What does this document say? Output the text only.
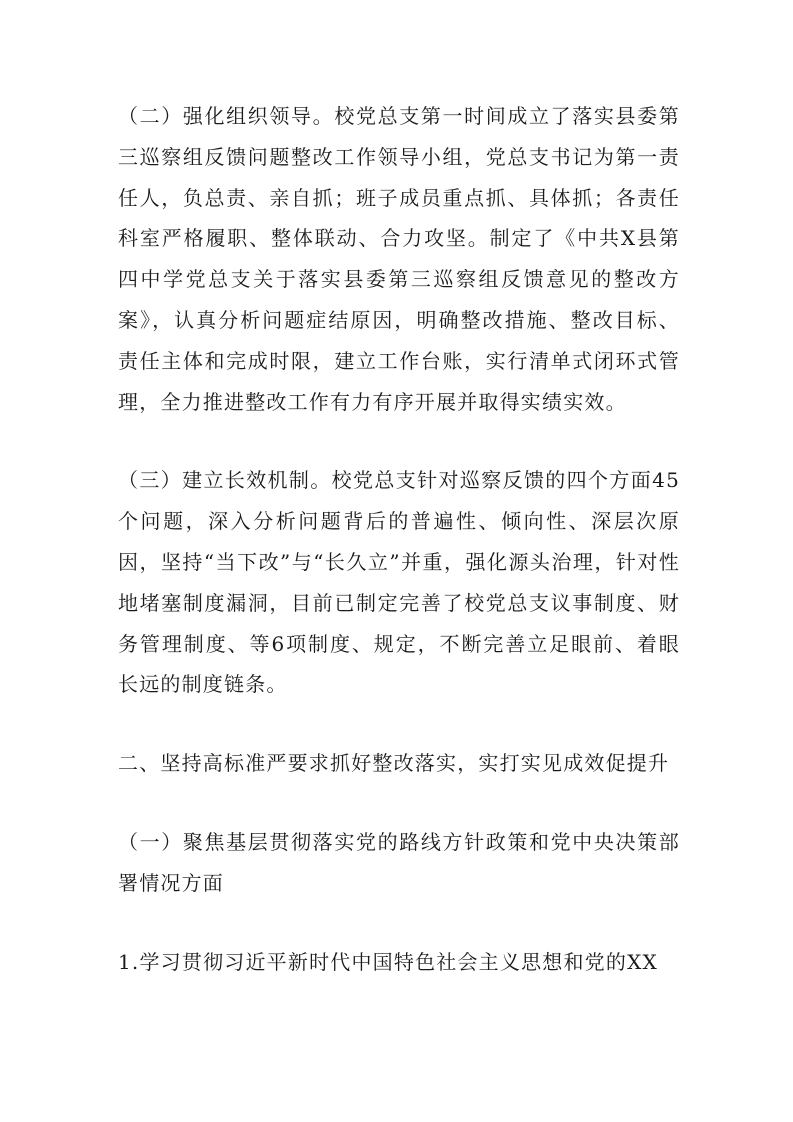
（二）强化组织领导。校党总支第一时间成立了落实县委第三巡察组反馈问题整改工作领导小组，党总支书记为第一责任人，负总责、亲自抓；班子成员重点抓、具体抓；各责任科室严格履职、整体联动、合力攻坚。制定了《中共X县第四中学党总支关于落实县委第三巡察组反馈意见的整改方案》，认真分析问题症结原因，明确整改措施、整改目标、责任主体和完成时限，建立工作台账，实行清单式闭环式管理，全力推进整改工作有力有序开展并取得实绩实效。

（三）建立长效机制。校党总支针对巡察反馈的四个方面45个问题，深入分析问题背后的普遍性、倾向性、深层次原因，坚持“当下改”与“长久立”并重，强化源头治理，针对性地堵塞制度漏洞，目前已制定完善了校党总支议事制度、财务管理制度、等6项制度、规定，不断完善立足眼前、着眼长远的制度链条。

二、坚持高标准严要求抓好整改落实，实打实见成效促提升

（一）聚焦基层贯彻落实党的路线方针政策和党中央决策部署情况方面

1.学习贯彻习近平新时代中国特色社会主义思想和党的XX
